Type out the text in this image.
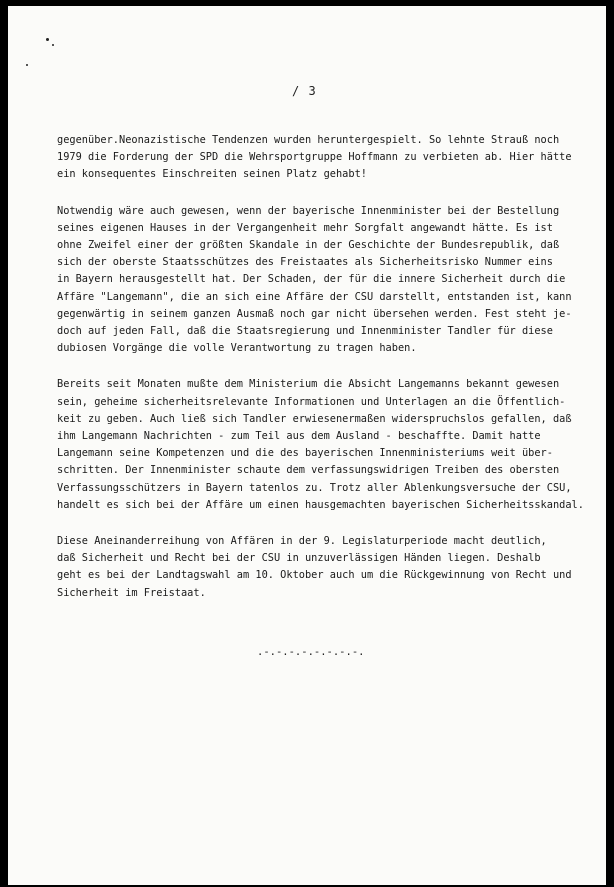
/ 3
gegenüber.Neonazistische Tendenzen wurden heruntergespielt. So lehnte Strauß noch
1979 die Forderung der SPD die Wehrsportgruppe Hoffmann zu verbieten ab. Hier hätte
ein konsequentes Einschreiten seinen Platz gehabt!
Notwendig wäre auch gewesen, wenn der bayerische Innenminister bei der Bestellung
seines eigenen Hauses in der Vergangenheit mehr Sorgfalt angewandt hätte. Es ist
ohne Zweifel einer der größten Skandale in der Geschichte der Bundesrepublik, daß
sich der oberste Staatsschützes des Freistaates als Sicherheitsrisko Nummer eins
in Bayern herausgestellt hat. Der Schaden, der für die innere Sicherheit durch die
Affäre "Langemann", die an sich eine Affäre der CSU darstellt, entstanden ist, kann
gegenwärtig in seinem ganzen Ausmaß noch gar nicht übersehen werden. Fest steht je-
doch auf jeden Fall, daß die Staatsregierung und Innenminister Tandler für diese
dubiosen Vorgänge die volle Verantwortung zu tragen haben.
Bereits seit Monaten mußte dem Ministerium die Absicht Langemanns bekannt gewesen
sein, geheime sicherheitsrelevante Informationen und Unterlagen an die Öffentlich-
keit zu geben. Auch ließ sich Tandler erwiesenermaßen widerspruchslos gefallen, daß
ihm Langemann Nachrichten - zum Teil aus dem Ausland - beschaffte. Damit hatte
Langemann seine Kompetenzen und die des bayerischen Innenministeriums weit über-
schritten. Der Innenminister schaute dem verfassungswidrigen Treiben des obersten
Verfassungsschützers in Bayern tatenlos zu. Trotz aller Ablenkungsversuche der CSU,
handelt es sich bei der Affäre um einen hausgemachten bayerischen Sicherheitsskandal.
Diese Aneinanderreihung von Affären in der 9. Legislaturperiode macht deutlich,
daß Sicherheit und Recht bei der CSU in unzuverlässigen Händen liegen. Deshalb
geht es bei der Landtagswahl am 10. Oktober auch um die Rückgewinnung von Recht und
Sicherheit im Freistaat.
.-.-.-.-.-.-.-.-.
